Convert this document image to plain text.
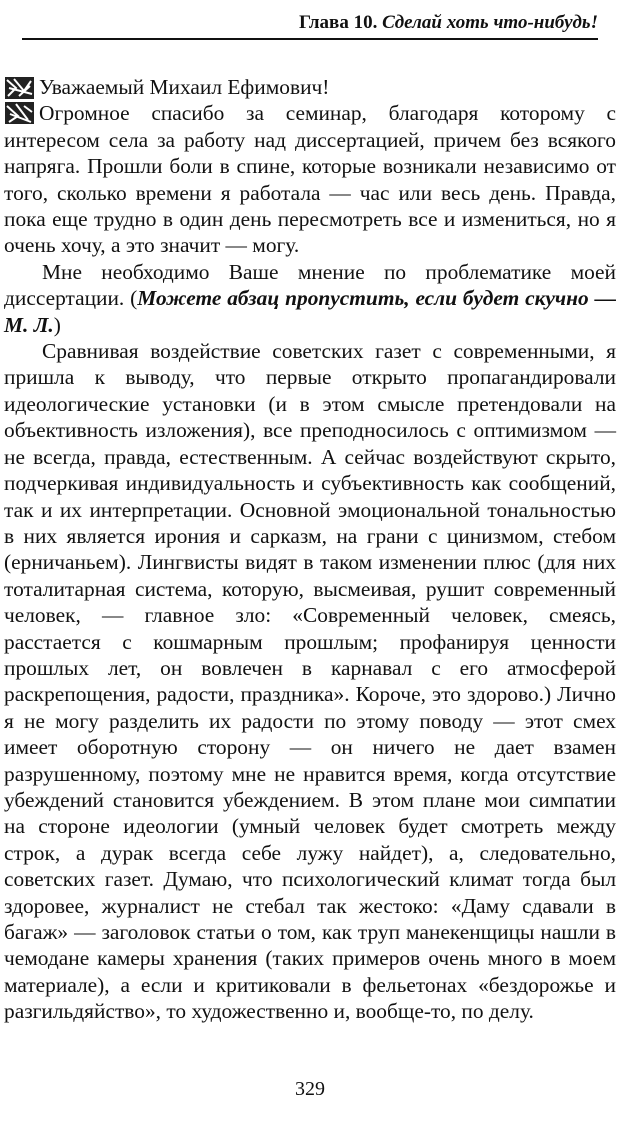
Глава 10. Сделай хоть что-нибудь!

Уважаемый Михаил Ефимович!

Огромное спасибо за семинар, благодаря которому с интересом села за работу над диссертацией, причем без всякого напряга. Прошли боли в спине, которые возникали независимо от того, сколько времени я работала — час или весь день. Правда, пока еще трудно в один день пересмотреть все и измениться, но я очень хочу, а это значит — могу.

Мне необходимо Ваше мнение по проблематике моей диссертации. (Можете абзац пропустить, если будет скучно — М. Л.)

Сравнивая воздействие советских газет с современными, я пришла к выводу, что первые открыто пропагандировали идеологические установки (и в этом смысле претендовали на объективность изложения), все преподносилось с оптимизмом — не всегда, правда, естественным. А сейчас воздействуют скрыто, подчеркивая индивидуальность и субъективность как сообщений, так и их интерпретации. Основной эмоциональной тональностью в них является ирония и сарказм, на грани с цинизмом, стебом (ерничаньем). Лингвисты видят в таком изменении плюс (для них тоталитарная система, которую, высмеивая, рушит современный человек, — главное зло: «Современный человек, смеясь, расстается с кошмарным прошлым; профанируя ценности прошлых лет, он вовлечен в карнавал с его атмосферой раскрепощения, радости, праздника». Короче, это здорово.) Лично я не могу разделить их радости по этому поводу — этот смех имеет оборотную сторону — он ничего не дает взамен разрушенному, поэтому мне не нравится время, когда отсутствие убеждений становится убеждением. В этом плане мои симпатии на стороне идеологии (умный человек будет смотреть между строк, а дурак всегда себе лужу найдет), а, следовательно, советских газет. Думаю, что психологический климат тогда был здоровее, журналист не стебал так жестоко: «Даму сдавали в багаж» — заголовок статьи о том, как труп манекенщицы нашли в чемодане камеры хранения (таких примеров очень много в моем материале), а если и критиковали в фельетонах «бездорожье и разгильдяйство», то художественно и, вообще-то, по делу.

329
